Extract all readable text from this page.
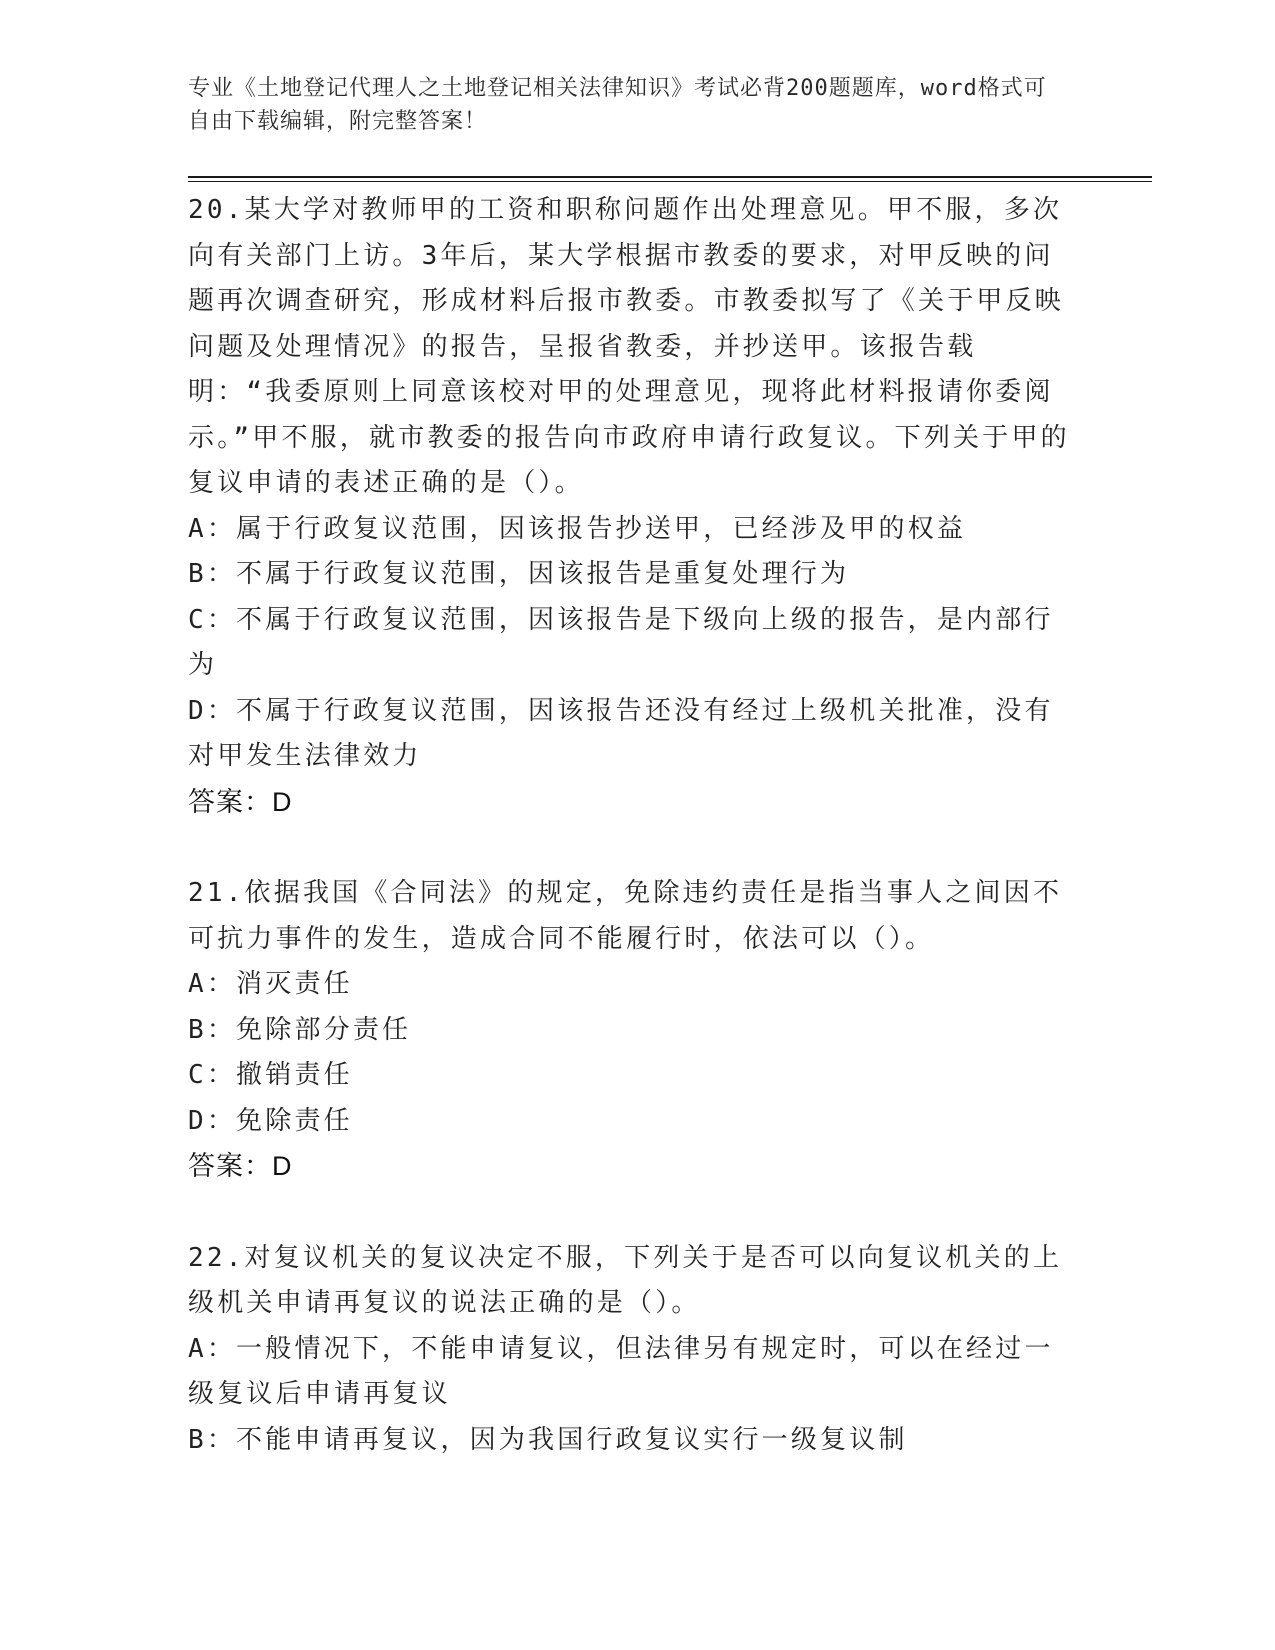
专业《土地登记代理人之土地登记相关法律知识》考试必背200题题库，word格式可自由下载编辑，附完整答案！

20.某大学对教师甲的工资和职称问题作出处理意见。甲不服，多次向有关部门上访。3年后，某大学根据市教委的要求，对甲反映的问题再次调查研究，形成材料后报市教委。市教委拟写了《关于甲反映问题及处理情况》的报告，呈报省教委，并抄送甲。该报告载明：“我委原则上同意该校对甲的处理意见，现将此材料报请你委阅示。”甲不服，就市教委的报告向市政府申请行政复议。下列关于甲的复议申请的表述正确的是（）。

A：属于行政复议范围，因该报告抄送甲，已经涉及甲的权益

B：不属于行政复议范围，因该报告是重复处理行为

C：不属于行政复议范围，因该报告是下级向上级的报告，是内部行为

D：不属于行政复议范围，因该报告还没有经过上级机关批准，没有对甲发生法律效力

答案：D

21.依据我国《合同法》的规定，免除违约责任是指当事人之间因不可抗力事件的发生，造成合同不能履行时，依法可以（）。

A：消灭责任

B：免除部分责任

C：撤销责任

D：免除责任

答案：D

22.对复议机关的复议决定不服，下列关于是否可以向复议机关的上级机关申请再复议的说法正确的是（）。

A：一般情况下，不能申请复议，但法律另有规定时，可以在经过一级复议后申请再复议

B：不能申请再复议，因为我国行政复议实行一级复议制
